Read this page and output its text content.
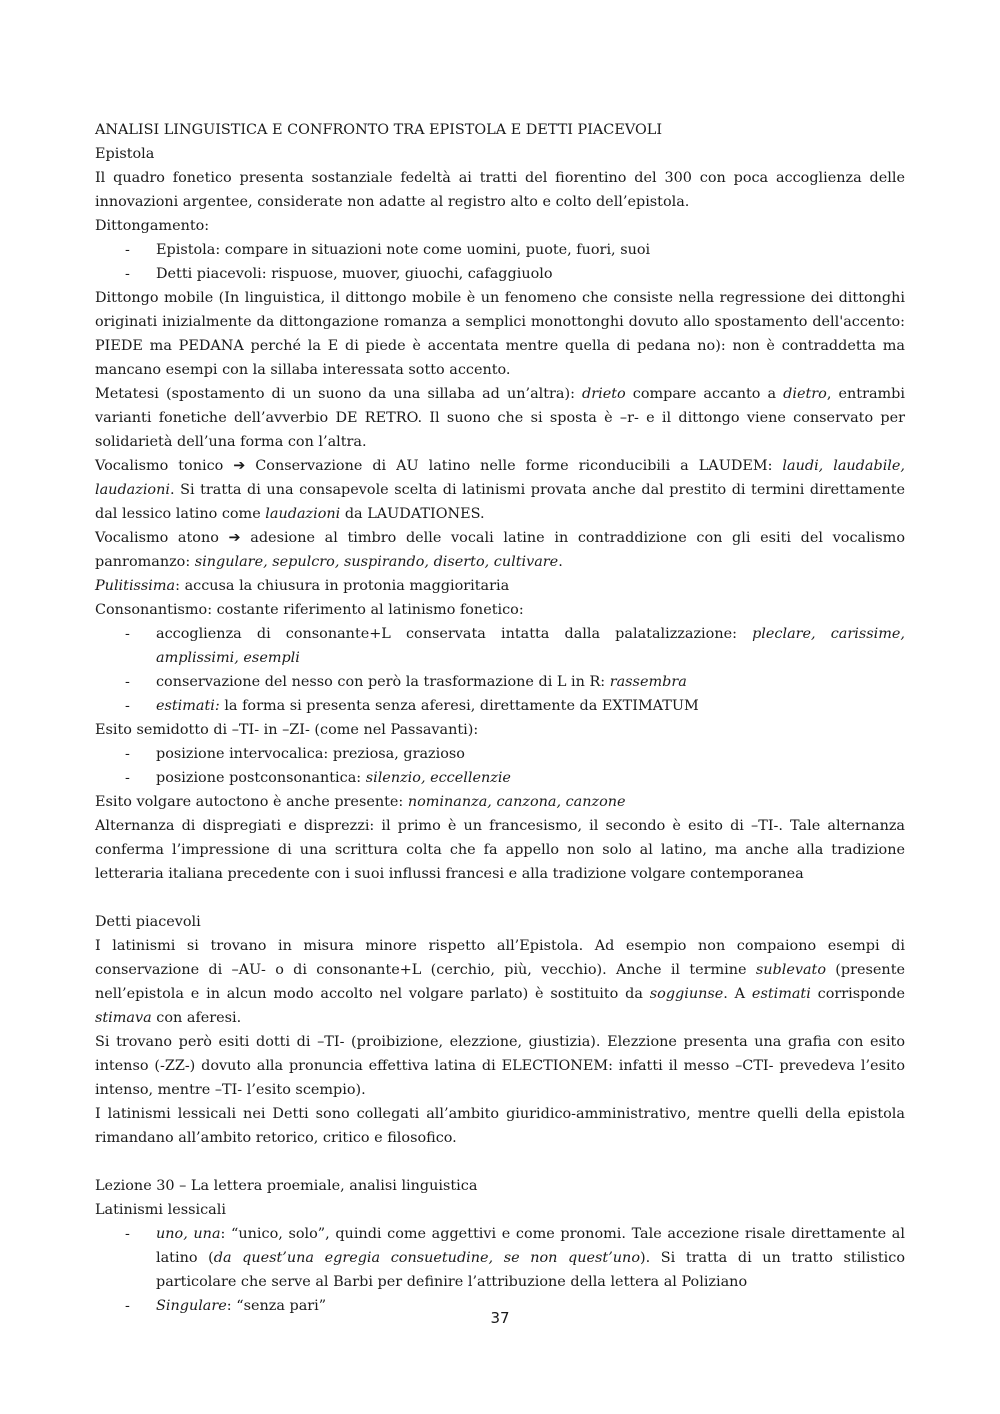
ANALISI LINGUISTICA E CONFRONTO TRA EPISTOLA E DETTI PIACEVOLI
Epistola
Il quadro fonetico presenta sostanziale fedeltà ai tratti del fiorentino del 300 con poca accoglienza delle innovazioni argentee, considerate non adatte al registro alto e colto dell’epistola.
Dittongamento:
- Epistola: compare in situazioni note come uomini, puote, fuori, suoi
- Detti piacevoli: rispuose, muover, giuochi, cafaggiuolo
Dittongo mobile (In linguistica, il dittongo mobile è un fenomeno che consiste nella regressione dei dittonghi originati inizialmente da dittongazione romanza a semplici monottonghi dovuto allo spostamento dell'accento: PIEDE ma PEDANA perché la E di piede è accentata mentre quella di pedana no): non è contraddetta ma mancano esempi con la sillaba interessata sotto accento.
Metatesi (spostamento di un suono da una sillaba ad un’altra): drieto compare accanto a dietro, entrambi varianti fonetiche dell’avverbio DE RETRO. Il suono che si sposta è –r- e il dittongo viene conservato per solidarietà dell’una forma con l’altra.
Vocalismo tonico ➔ Conservazione di AU latino nelle forme riconducibili a LAUDEM: laudi, laudabile, laudazioni. Si tratta di una consapevole scelta di latinismi provata anche dal prestito di termini direttamente dal lessico latino come laudazioni da LAUDATIONES.
Vocalismo atono ➔ adesione al timbro delle vocali latine in contraddizione con gli esiti del vocalismo panromanzo: singulare, sepulcro, suspirando, diserto, cultivare.
Pulitissima: accusa la chiusura in protonia maggioritaria
Consonantismo: costante riferimento al latinismo fonetico:
- accoglienza di consonante+L conservata intatta dalla palatalizzazione: pleclare, carissime, amplissimi, esempli
- conservazione del nesso con però la trasformazione di L in R: rassembra
- estimati: la forma si presenta senza aferesi, direttamente da EXTIMATUM
Esito semidotto di –TI- in –ZI- (come nel Passavanti):
- posizione intervocalica: preziosa, grazioso
- posizione postconsonantica: silenzio, eccellenzie
Esito volgare autoctono è anche presente: nominanza, canzona, canzone
Alternanza di dispregiati e disprezzi: il primo è un francesismo, il secondo è esito di –TI-. Tale alternanza conferma l’impressione di una scrittura colta che fa appello non solo al latino, ma anche alla tradizione letteraria italiana precedente con i suoi influssi francesi e alla tradizione volgare contemporanea
Detti piacevoli
I latinismi si trovano in misura minore rispetto all’Epistola. Ad esempio non compaiono esempi di conservazione di –AU- o di consonante+L (cerchio, più, vecchio). Anche il termine sublevato (presente nell’epistola e in alcun modo accolto nel volgare parlato) è sostituito da soggiunse. A estimati corrisponde stimava con aferesi.
Si trovano però esiti dotti di –TI- (proibizione, elezzione, giustizia). Elezzione presenta una grafia con esito intenso (-ZZ-) dovuto alla pronuncia effettiva latina di ELECTIONEM: infatti il messo –CTI- prevedeva l’esito intenso, mentre –TI- l’esito scempio).
I latinismi lessicali nei Detti sono collegati all’ambito giuridico-amministrativo, mentre quelli della epistola rimandano all’ambito retorico, critico e filosofico.
Lezione 30 – La lettera proemiale, analisi linguistica
Latinismi lessicali
- uno, una: “unico, solo”, quindi come aggettivi e come pronomi. Tale accezione risale direttamente al latino (da quest’una egregia consuetudine, se non quest’uno). Si tratta di un tratto stilistico particolare che serve al Barbi per definire l’attribuzione della lettera al Poliziano
- Singulare: “senza pari”
37
